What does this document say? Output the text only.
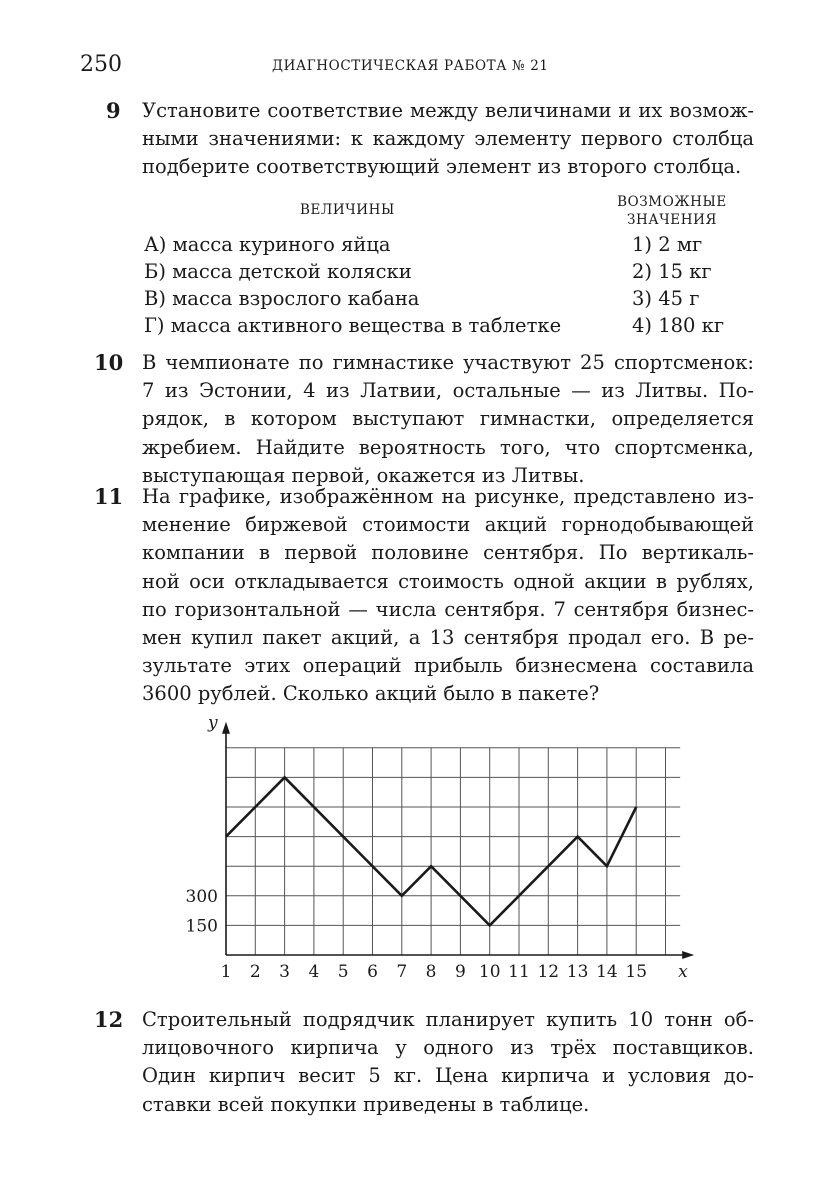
250	ДИАГНОСТИЧЕСКАЯ РАБОТА № 21
9 Установите соответствие между величинами и их возмож-
ными значениями: к каждому элементу первого столбца
подберите соответствующий элемент из второго столбца.
ВЕЛИЧИНЫ	ВОЗМОЖНЫЕ
ЗНАЧЕНИЯ
А) масса куриного яйца
Б) масса детской коляски
В) масса взрослого кабана
Г) масса активного вещества в таблетке
1) 2 мг
2) 15 кг
3) 45 г
4) 180 кг
10 В чемпионате по гимнастике участвуют 25 спортсменок:
7 из Эстонии, 4 из Латвии, остальные — из Литвы. По-
рядок, в котором выступают гимнастки, определяется
жребием. Найдите вероятность того, что спортсменка,
выступающая первой, окажется из Литвы.
11 На графике, изображённом на рисунке, представлено из-
менение биржевой стоимости акций горнодобывающей
компании в первой половине сентября. По вертикаль-
ной оси откладывается стоимость одной акции в рублях,
по горизонтальной — числа сентября. 7 сентября бизнес-
мен купил пакет акций, а 13 сентября продал его. В ре-
зультате этих операций прибыль бизнесмена составила
3600 рублей. Сколько акций было в пакете?
1 2 3 4 5 6 7 8 9 10 11 12 13 14 15
150
300
x
y
12 Строительный подрядчик планирует купить 10 тонн об-
лицовочного кирпича у одного из трёх поставщиков.
Один кирпич весит 5 кг. Цена кирпича и условия до-
ставки всей покупки приведены в таблице.
